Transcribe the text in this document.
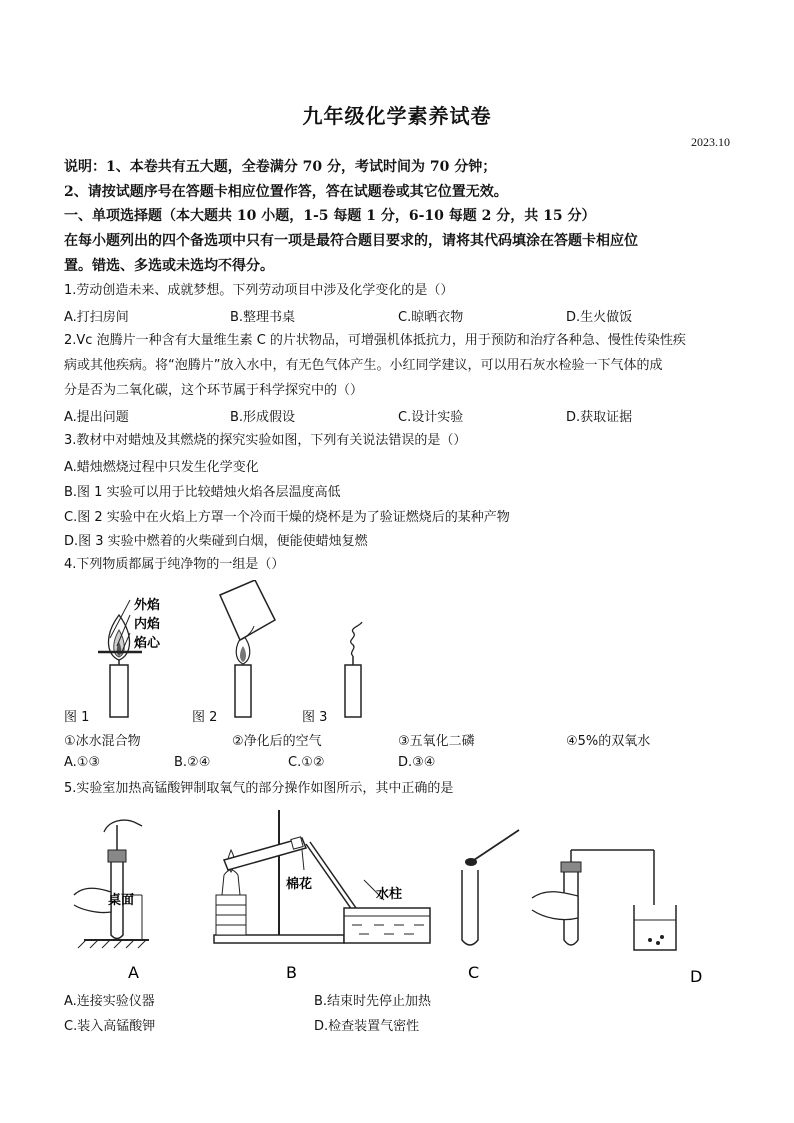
九年级化学素养试卷
2023.10
说明：1、本卷共有五大题，全卷满分 70 分，考试时间为 70 分钟；
2、请按试题序号在答题卡相应位置作答，答在试题卷或其它位置无效。
一、单项选择题（本大题共 10 小题，1-5 每题 1 分，6-10 每题 2 分，共 15 分）
在每小题列出的四个备选项中只有一项是最符合题目要求的，请将其代码填涂在答题卡相应位
置。错选、多选或未选均不得分。
1.劳动创造未来、成就梦想。下列劳动项目中涉及化学变化的是（）
A.打扫房间	B.整理书桌	C.晾晒衣物	D.生火做饭
2.Vc 泡腾片一种含有大量维生素 C 的片状物品，可增强机体抵抗力，用于预防和治疗各种急、慢性传染性疾
病或其他疾病。将“泡腾片”放入水中，有无色气体产生。小红同学建议，可以用石灰水检验一下气体的成
分是否为二氧化碳，这个环节属于科学探究中的（）
A.提出问题	B.形成假设	C.设计实验	D.获取证据
3.教材中对蜡烛及其燃烧的探究实验如图，下列有关说法错误的是（）
A.蜡烛燃烧过程中只发生化学变化
B.图 1 实验可以用于比较蜡烛火焰各层温度高低
C.图 2 实验中在火焰上方罩一个冷而干燥的烧杯是为了验证燃烧后的某种产物
D.图 3 实验中燃着的火柴碰到白烟，便能使蜡烛复燃
4.下列物质都属于纯净物的一组是（）
外焰
内焰
焰心
图 1	图 2	图 3
①冰水混合物	②净化后的空气	③五氧化二磷	④5%的双氧水
A.①③	B.②④	C.①②	D.③④
5.实验室加热高锰酸钾制取氧气的部分操作如图所示，其中正确的是
桌面
棉花
水柱
A	B	C	D
A.连接实验仪器	B.结束时先停止加热
C.装入高锰酸钾	D.检查装置气密性
